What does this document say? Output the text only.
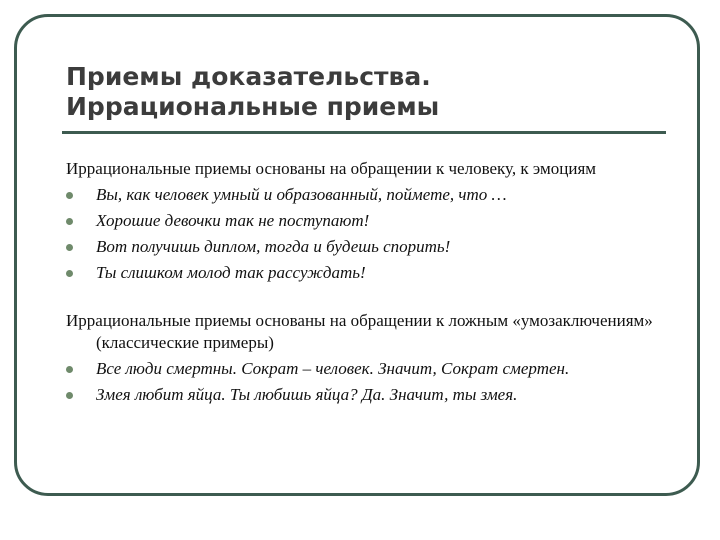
Приемы доказательства.
Иррациональные приемы

Иррациональные приемы основаны на обращении к человеку, к эмоциям

Вы, как человек умный и образованный, поймете, что …
Хорошие девочки так не поступают!
Вот получишь диплом, тогда и будешь спорить!
Ты слишком молод так рассуждать!

Иррациональные приемы основаны на обращении к ложным «умозаключениям» (классические примеры)

Все люди смертны. Сократ – человек. Значит, Сократ смертен.
Змея любит яйца. Ты любишь яйца? Да. Значит, ты змея.
